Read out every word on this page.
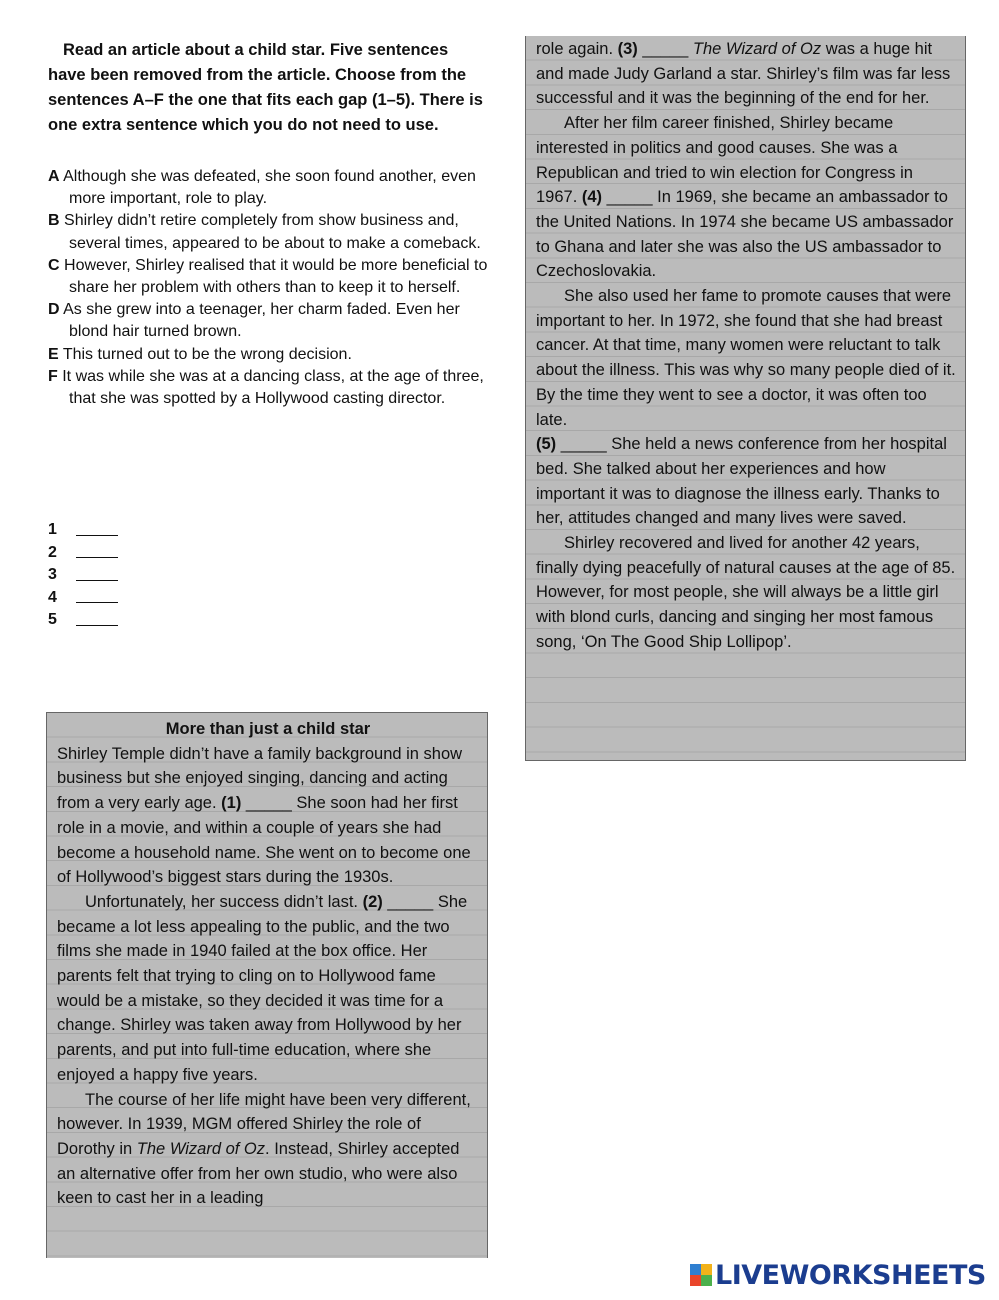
Read an article about a child star. Five sentences have been removed from the article. Choose from the sentences A–F the one that fits each gap (1–5). There is one extra sentence which you do not need to use.
A Although she was defeated, she soon found another, even more important, role to play.
B Shirley didn’t retire completely from show business and, several times, appeared to be about to make a comeback.
C However, Shirley realised that it would be more beneficial to share her problem with others than to keep it to herself.
D As she grew into a teenager, her charm faded. Even her blond hair turned brown.
E This turned out to be the wrong decision.
F It was while she was at a dancing class, at the age of three, that she was spotted by a Hollywood casting director.
1
2
3
4
5

More than just a child star

Shirley Temple didn’t have a family background in show business but she enjoyed singing, dancing and acting from a very early age. (1) _____ She soon had her first role in a movie, and within a couple of years she had become a household name. She went on to become one of Hollywood’s biggest stars during the 1930s.

Unfortunately, her success didn’t last. (2) _____ She became a lot less appealing to the public, and the two films she made in 1940 failed at the box office. Her parents felt that trying to cling on to Hollywood fame would be a mistake, so they decided it was time for a change. Shirley was taken away from Hollywood by her parents, and put into full-time education, where she enjoyed a happy five years.

The course of her life might have been very different, however. In 1939, MGM offered Shirley the role of Dorothy in The Wizard of Oz. Instead, Shirley accepted an alternative offer from her own studio, who were also keen to cast her in a leading

role again. (3) _____ The Wizard of Oz was a huge hit and made Judy Garland a star. Shirley’s film was far less successful and it was the beginning of the end for her.

After her film career finished, Shirley became interested in politics and good causes. She was a Republican and tried to win election for Congress in 1967. (4) _____ In 1969, she became an ambassador to the United Nations. In 1974 she became US ambassador to Ghana and later she was also the US ambassador to Czechoslovakia.

She also used her fame to promote causes that were important to her. In 1972, she found that she had breast cancer. At that time, many women were reluctant to talk about the illness. This was why so many people died of it. By the time they went to see a doctor, it was often too late.

(5) _____ She held a news conference from her hospital bed. She talked about her experiences and how important it was to diagnose the illness early. Thanks to her, attitudes changed and many lives were saved.

Shirley recovered and lived for another 42 years, finally dying peacefully of natural causes at the age of 85. However, for most people, she will always be a little girl with blond curls, dancing and singing her most famous song, ‘On The Good Ship Lollipop’.

LIVEWORKSHEETS
